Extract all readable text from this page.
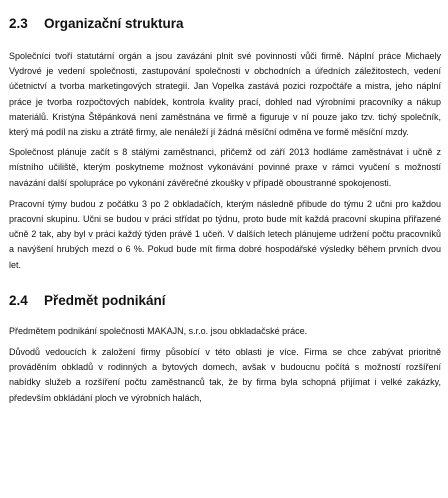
2.3	Organizační struktura

Společníci tvoří statutární orgán a jsou zavázáni plnit své povinnosti vůči firmě. Náplní práce Michaely Vydrové je vedení společnosti, zastupování společnosti v obchodních a úředních záležitostech, vedení účetnictví a tvorba marketingových strategií. Jan Vopelka zastává pozici rozpočtáře a mistra, jeho náplní práce je tvorba rozpočtových nabídek, kontrola kvality prací, dohled nad výrobními pracovníky a nákup materiálů. Kristýna Štěpánková není zaměstnána ve firmě a figuruje v ní pouze jako tzv. tichý společník, který má podíl na zisku a ztrátě firmy, ale nenáleží jí žádná měsíční odměna ve formě měsíční mzdy.

Společnost plánuje začít s 8 stálými zaměstnanci, přičemž od září 2013 hodláme zaměstnávat i učně z místního učiliště, kterým poskytneme možnost vykonávání povinné praxe v rámci vyučení s možností navázání další spolupráce po vykonání závěrečné zkoušky v případě oboustranné spokojenosti.

Pracovní týmy budou z počátku 3 po 2 obkladačích, kterým následně přibude do týmu 2 učni pro každou pracovní skupinu. Učni se budou v práci střídat po týdnu, proto bude mít každá pracovní skupina přiřazené učně 2 tak, aby byl v práci každý týden právě 1 učeň. V dalších letech plánujeme udržení počtu pracovníků a navýšení hrubých mezd o 6 %. Pokud bude mít firma dobré hospodářské výsledky během prvních dvou let.

2.4	Předmět podnikání

Předmětem podnikání společnosti MAKAJN, s.r.o. jsou obkladačské práce.

Důvodů vedoucích k založení firmy působící v této oblasti je více. Firma se chce zabývat prioritně prováděním obkladů v rodinných a bytových domech, avšak v budoucnu počítá s možností rozšíření nabídky služeb a rozšíření počtu zaměstnanců tak, že by firma byla schopná přijímat i velké zakázky, především obkládání ploch ve výrobních halách,
